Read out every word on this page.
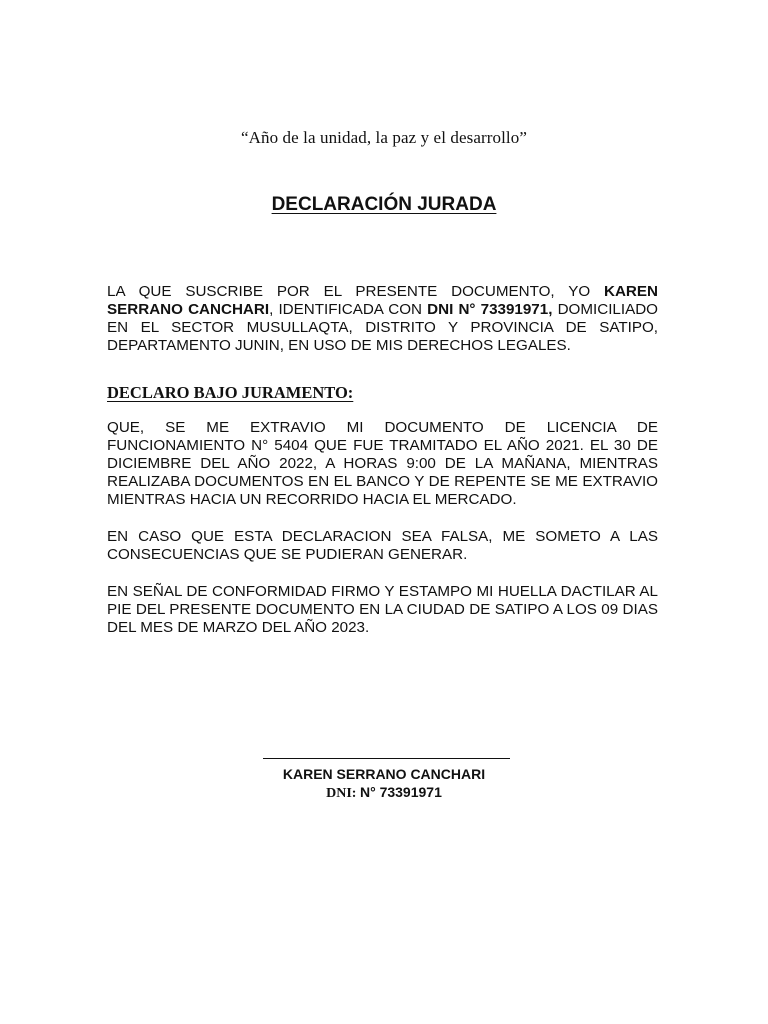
“Año de la unidad, la paz y el desarrollo”
DECLARACIÓN JURADA
LA QUE SUSCRIBE POR EL PRESENTE DOCUMENTO, YO KAREN SERRANO CANCHARI, IDENTIFICADA CON DNI N° 73391971, DOMICILIADO EN EL SECTOR MUSULLAQTA, DISTRITO Y PROVINCIA DE SATIPO, DEPARTAMENTO JUNIN, EN USO DE MIS DERECHOS LEGALES.
DECLARO BAJO JURAMENTO:
QUE, SE ME EXTRAVIO MI DOCUMENTO DE LICENCIA DE FUNCIONAMIENTO N° 5404 QUE FUE TRAMITADO EL AÑO 2021. EL 30 DE DICIEMBRE DEL AÑO 2022, A HORAS 9:00 DE LA MAÑANA, MIENTRAS REALIZABA DOCUMENTOS EN EL BANCO Y DE REPENTE SE ME EXTRAVIO MIENTRAS HACIA UN RECORRIDO HACIA EL MERCADO.
EN CASO QUE ESTA DECLARACION SEA FALSA, ME SOMETO A LAS CONSECUENCIAS QUE SE PUDIERAN GENERAR.
EN SEÑAL DE CONFORMIDAD FIRMO Y ESTAMPO MI HUELLA DACTILAR AL PIE DEL PRESENTE DOCUMENTO EN LA CIUDAD DE SATIPO A LOS 09 DIAS DEL MES DE MARZO DEL AÑO 2023.
KAREN SERRANO CANCHARI
DNI: N° 73391971
